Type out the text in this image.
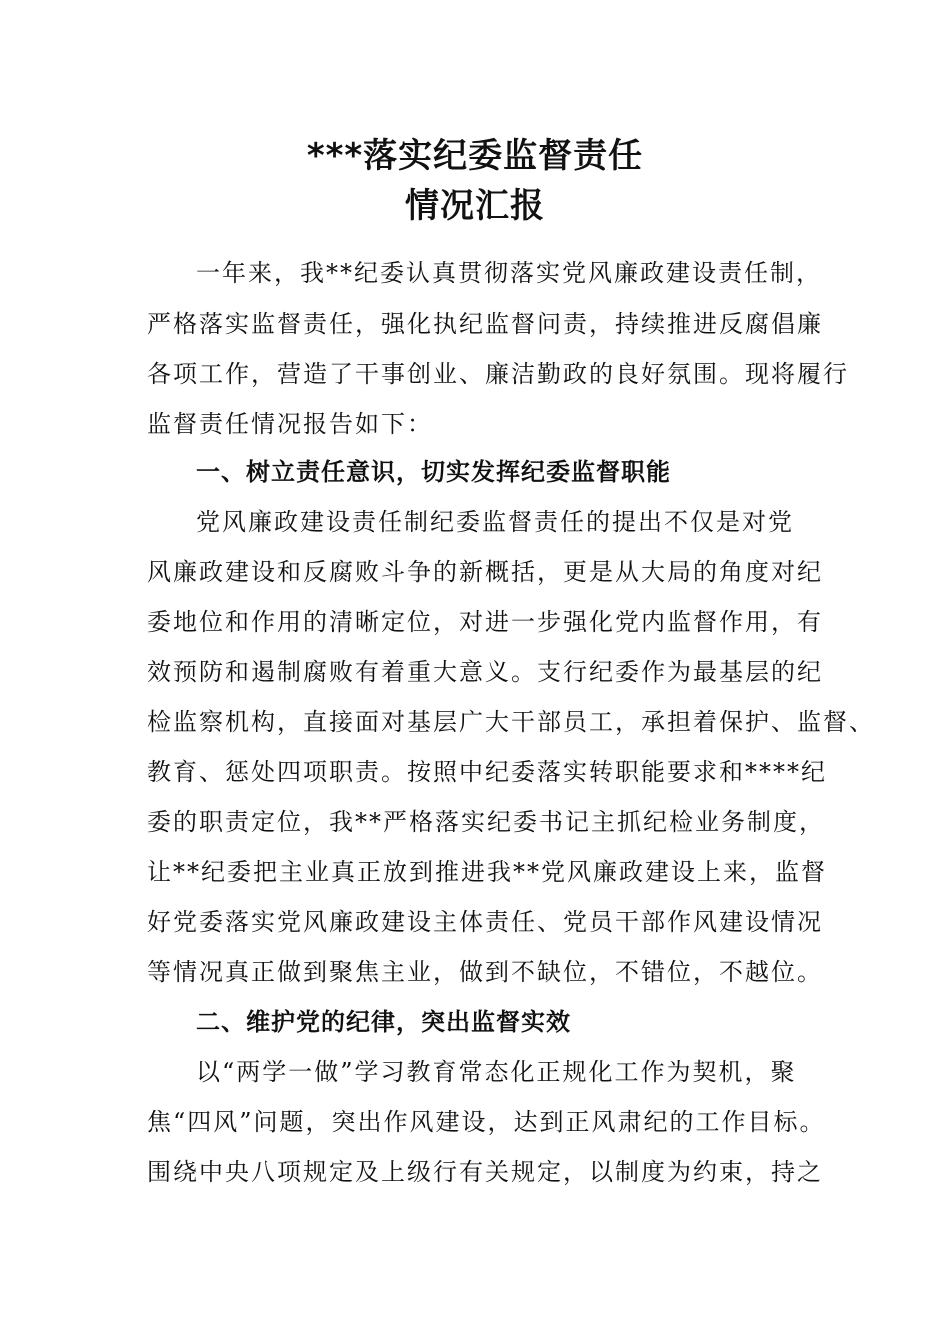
***落实纪委监督责任
情况汇报
一年来，我**纪委认真贯彻落实党风廉政建设责任制，
严格落实监督责任，强化执纪监督问责，持续推进反腐倡廉
各项工作，营造了干事创业、廉洁勤政的良好氛围。现将履行
监督责任情况报告如下：
一、树立责任意识，切实发挥纪委监督职能
党风廉政建设责任制纪委监督责任的提出不仅是对党
风廉政建设和反腐败斗争的新概括，更是从大局的角度对纪
委地位和作用的清晰定位，对进一步强化党内监督作用，有
效预防和遏制腐败有着重大意义。支行纪委作为最基层的纪
检监察机构，直接面对基层广大干部员工，承担着保护、监督、
教育、惩处四项职责。按照中纪委落实转职能要求和****纪
委的职责定位，我**严格落实纪委书记主抓纪检业务制度，
让**纪委把主业真正放到推进我**党风廉政建设上来，监督
好党委落实党风廉政建设主体责任、党员干部作风建设情况
等情况真正做到聚焦主业，做到不缺位，不错位，不越位。
二、维护党的纪律，突出监督实效
以“两学一做”学习教育常态化正规化工作为契机，聚
焦“四风”问题，突出作风建设，达到正风肃纪的工作目标。
围绕中央八项规定及上级行有关规定，以制度为约束，持之
